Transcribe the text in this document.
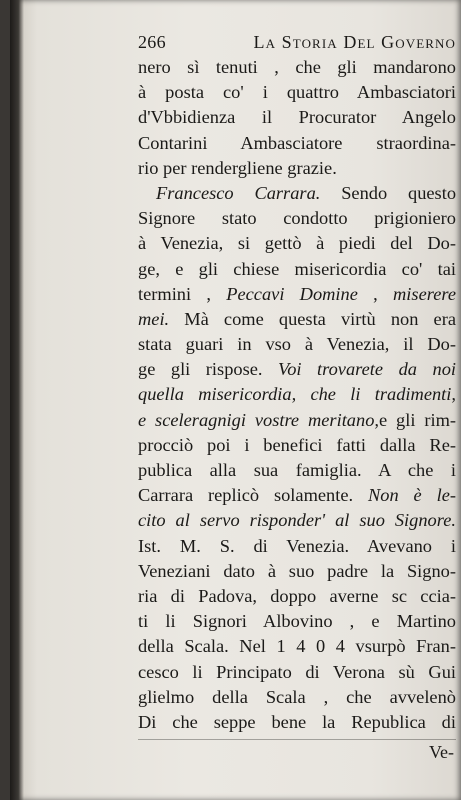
266	La Storia Del Governo
nero sì tenuti , che gli mandarono
à posta co' i quattro Ambasciatori
d'Vbbidienza il Procurator Angelo
Contarini Ambasciatore straordina-
rio per rendergliene grazie.
Francesco Carrara. Sendo questo
Signore stato condotto prigioniero
à Venezia, si gettò à piedi del Do-
ge, e gli chiese misericordia co' tai
termini , Peccavi Domine , miserere
mei. Mà come questa virtù non era
stata guari in vso à Venezia, il Do-
ge gli rispose. Voi trovarete da noi
quella misericordia, che li tradimenti,
e sceleragnigi vostre meritano,e gli rim-
procciò poi i benefici fatti dalla Re-
publica alla sua famiglia. A che i
Carrara replicò solamente. Non è le-
cito al servo risponder' al suo Signore.
Ist. M. S. di Venezia. Avevano i
Veneziani dato à suo padre la Signo-
ria di Padova, doppo averne sc ccia-
ti li Signori Albovino , e Martino
della Scala. Nel 1 4 0 4 vsurpò Fran-
cesco li Principato di Verona sù Gui
glielmo della Scala , che avvelenò
Di che seppe bene la Republica di
Ve-
